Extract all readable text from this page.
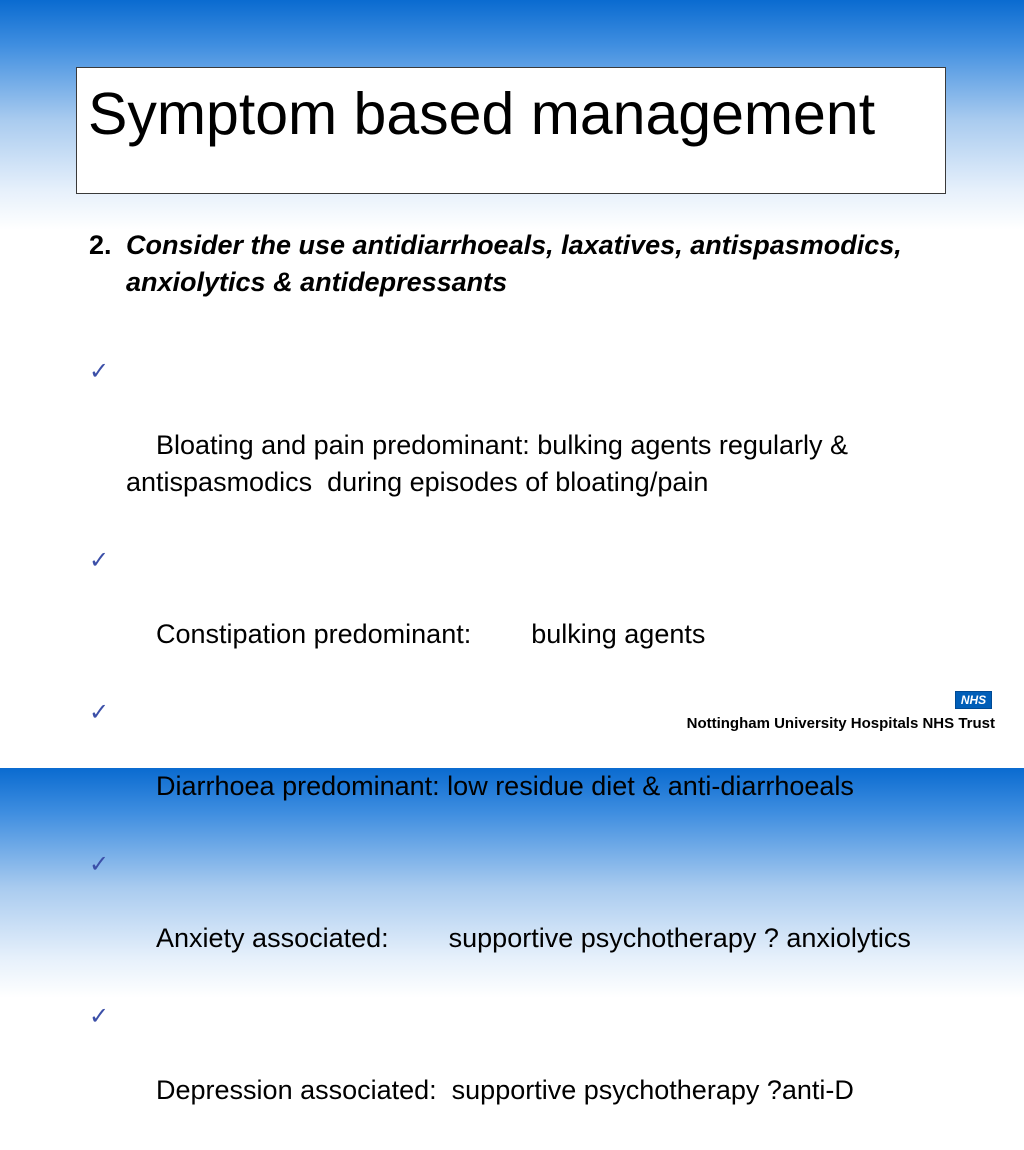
Symptom based management
2. Consider the use antidiarrhoeals, laxatives, antispasmodics, anxiolytics & antidepressants

✓

Bloating and pain predominant: bulking agents regularly & antispasmodics  during episodes of bloating/pain

✓

Constipation predominant:        bulking agents

✓

Diarrhoea predominant: low residue diet & anti-diarrhoeals

✓

Anxiety associated:        supportive psychotherapy ? anxiolytics

✓

Depression associated:  supportive psychotherapy ?anti-D

NHS
Nottingham University Hospitals NHS Trust
